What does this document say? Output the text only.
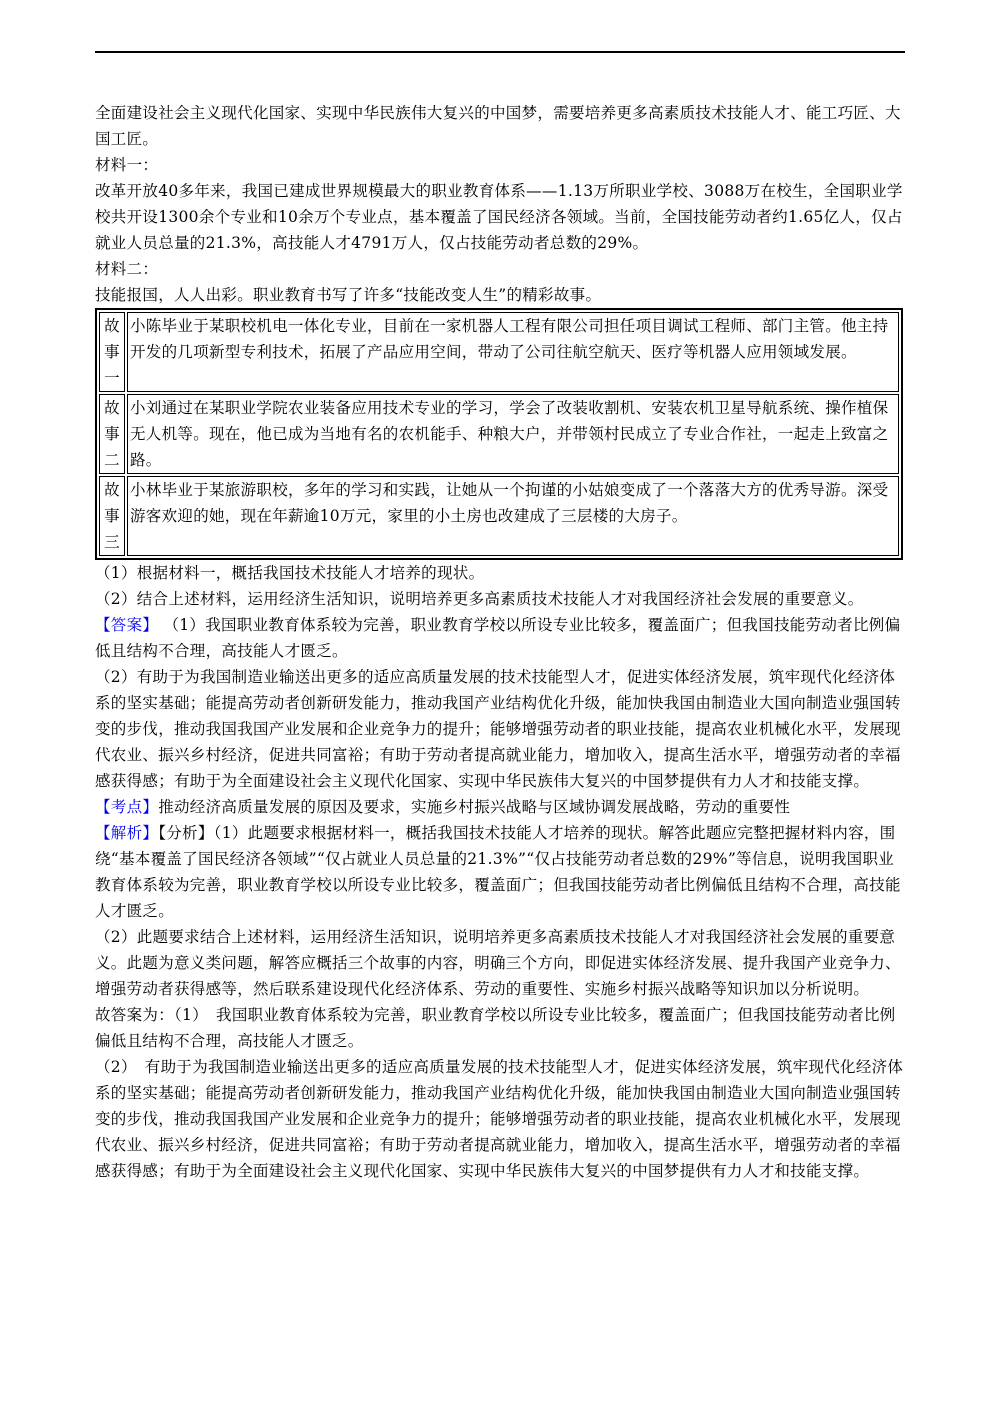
全面建设社会主义现代化国家、实现中华民族伟大复兴的中国梦，需要培养更多高素质技术技能人才、能工巧匠、大国工匠。

材料一：

改革开放40多年来，我国已建成世界规模最大的职业教育体系——1.13万所职业学校、3088万在校生，全国职业学校共开设1300余个专业和10余万个专业点，基本覆盖了国民经济各领域。当前，全国技能劳动者约1.65亿人，仅占就业人员总量的21.3%，高技能人才4791万人，仅占技能劳动者总数的29%。

材料二：

技能报国，人人出彩。职业教育书写了许多“技能改变人生”的精彩故事。

故事一	小陈毕业于某职校机电一体化专业，目前在一家机器人工程有限公司担任项目调试工程师、部门主管。他主持开发的几项新型专利技术，拓展了产品应用空间，带动了公司往航空航天、医疗等机器人应用领域发展。
故事二	小刘通过在某职业学院农业装备应用技术专业的学习，学会了改装收割机、安装农机卫星导航系统、操作植保无人机等。现在，他已成为当地有名的农机能手、种粮大户，并带领村民成立了专业合作社，一起走上致富之路。
故事三	小林毕业于某旅游职校，多年的学习和实践，让她从一个拘谨的小姑娘变成了一个落落大方的优秀导游。深受游客欢迎的她，现在年薪逾10万元，家里的小土房也改建成了三层楼的大房子。

（1）根据材料一，概括我国技术技能人才培养的现状。

（2）结合上述材料，运用经济生活知识，说明培养更多高素质技术技能人才对我国经济社会发展的重要意义。

【答案】 （1）我国职业教育体系较为完善，职业教育学校以所设专业比较多，覆盖面广；但我国技能劳动者比例偏低且结构不合理，高技能人才匮乏。

（2）有助于为我国制造业输送出更多的适应高质量发展的技术技能型人才，促进实体经济发展，筑牢现代化经济体系的坚实基础；能提高劳动者创新研发能力，推动我国产业结构优化升级，能加快我国由制造业大国向制造业强国转变的步伐，推动我国我国产业发展和企业竞争力的提升；能够增强劳动者的职业技能，提高农业机械化水平，发展现代农业、振兴乡村经济，促进共同富裕；有助于劳动者提高就业能力，增加收入，提高生活水平，增强劳动者的幸福感获得感；有助于为全面建设社会主义现代化国家、实现中华民族伟大复兴的中国梦提供有力人才和技能支撑。

【考点】推动经济高质量发展的原因及要求，实施乡村振兴战略与区域协调发展战略，劳动的重要性

【解析】【分析】（1）此题要求根据材料一，概括我国技术技能人才培养的现状。解答此题应完整把握材料内容，围绕“基本覆盖了国民经济各领域”“仅占就业人员总量的21.3%”“仅占技能劳动者总数的29%”等信息，说明我国职业教育体系较为完善，职业教育学校以所设专业比较多，覆盖面广；但我国技能劳动者比例偏低且结构不合理，高技能人才匮乏。

（2）此题要求结合上述材料，运用经济生活知识，说明培养更多高素质技术技能人才对我国经济社会发展的重要意义。此题为意义类问题，解答应概括三个故事的内容，明确三个方向，即促进实体经济发展、提升我国产业竞争力、增强劳动者获得感等，然后联系建设现代化经济体系、劳动的重要性、实施乡村振兴战略等知识加以分析说明。

故答案为：（1）　我国职业教育体系较为完善，职业教育学校以所设专业比较多，覆盖面广；但我国技能劳动者比例偏低且结构不合理，高技能人才匮乏。

（2）　有助于为我国制造业输送出更多的适应高质量发展的技术技能型人才，促进实体经济发展，筑牢现代化经济体系的坚实基础；能提高劳动者创新研发能力，推动我国产业结构优化升级，能加快我国由制造业大国向制造业强国转变的步伐，推动我国我国产业发展和企业竞争力的提升；能够增强劳动者的职业技能，提高农业机械化水平，发展现代农业、振兴乡村经济，促进共同富裕；有助于劳动者提高就业能力，增加收入，提高生活水平，增强劳动者的幸福感获得感；有助于为全面建设社会主义现代化国家、实现中华民族伟大复兴的中国梦提供有力人才和技能支撑。
